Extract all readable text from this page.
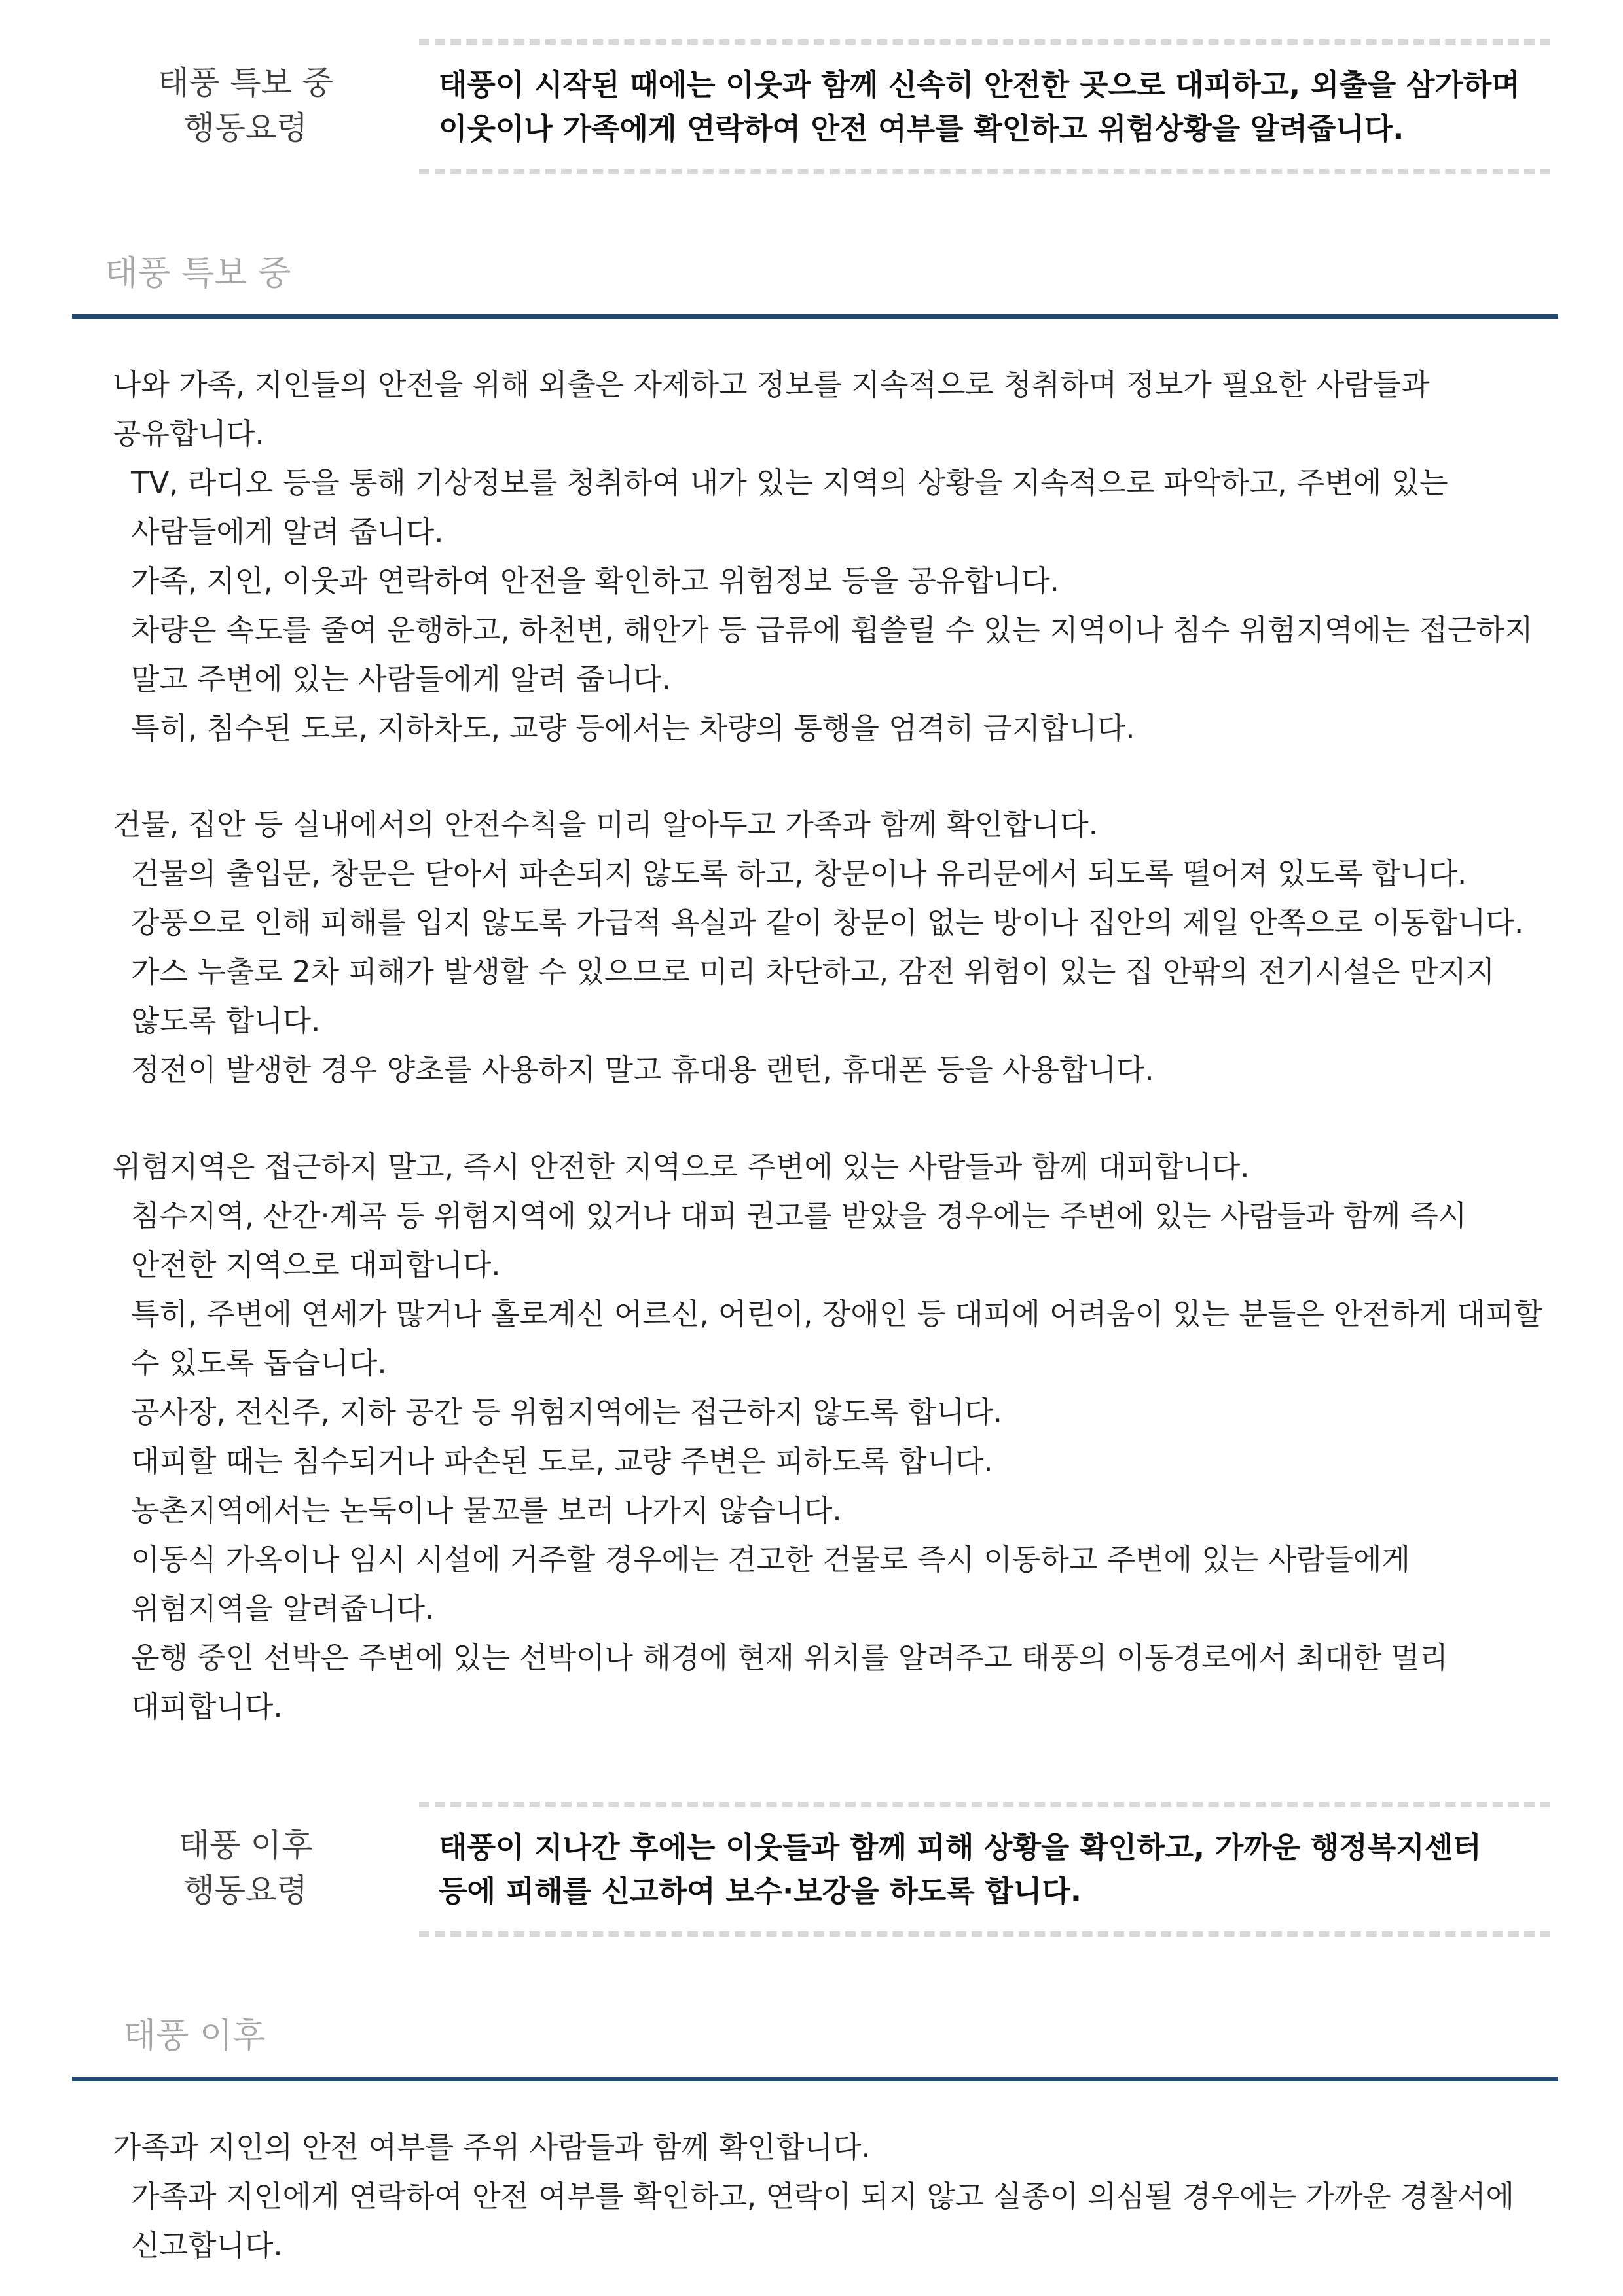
태풍 특보 중
행동요령
태풍이 시작된 때에는 이웃과 함께 신속히 안전한 곳으로 대피하고, 외출을 삼가하며
이웃이나 가족에게 연락하여 안전 여부를 확인하고 위험상황을 알려줍니다.
태풍 특보 중
나와 가족, 지인들의 안전을 위해 외출은 자제하고 정보를 지속적으로 청취하며 정보가 필요한 사람들과
공유합니다.
TV, 라디오 등을 통해 기상정보를 청취하여 내가 있는 지역의 상황을 지속적으로 파악하고, 주변에 있는
사람들에게 알려 줍니다.
가족, 지인, 이웃과 연락하여 안전을 확인하고 위험정보 등을 공유합니다.
차량은 속도를 줄여 운행하고, 하천변, 해안가 등 급류에 휩쓸릴 수 있는 지역이나 침수 위험지역에는 접근하지
말고 주변에 있는 사람들에게 알려 줍니다.
특히, 침수된 도로, 지하차도, 교량 등에서는 차량의 통행을 엄격히 금지합니다.
건물, 집안 등 실내에서의 안전수칙을 미리 알아두고 가족과 함께 확인합니다.
건물의 출입문, 창문은 닫아서 파손되지 않도록 하고, 창문이나 유리문에서 되도록 떨어져 있도록 합니다.
강풍으로 인해 피해를 입지 않도록 가급적 욕실과 같이 창문이 없는 방이나 집안의 제일 안쪽으로 이동합니다.
가스 누출로 2차 피해가 발생할 수 있으므로 미리 차단하고, 감전 위험이 있는 집 안팎의 전기시설은 만지지
않도록 합니다.
정전이 발생한 경우 양초를 사용하지 말고 휴대용 랜턴, 휴대폰 등을 사용합니다.
위험지역은 접근하지 말고, 즉시 안전한 지역으로 주변에 있는 사람들과 함께 대피합니다.
침수지역, 산간·계곡 등 위험지역에 있거나 대피 권고를 받았을 경우에는 주변에 있는 사람들과 함께 즉시
안전한 지역으로 대피합니다.
특히, 주변에 연세가 많거나 홀로계신 어르신, 어린이, 장애인 등 대피에 어려움이 있는 분들은 안전하게 대피할
수 있도록 돕습니다.
공사장, 전신주, 지하 공간 등 위험지역에는 접근하지 않도록 합니다.
대피할 때는 침수되거나 파손된 도로, 교량 주변은 피하도록 합니다.
농촌지역에서는 논둑이나 물꼬를 보러 나가지 않습니다.
이동식 가옥이나 임시 시설에 거주할 경우에는 견고한 건물로 즉시 이동하고 주변에 있는 사람들에게
위험지역을 알려줍니다.
운행 중인 선박은 주변에 있는 선박이나 해경에 현재 위치를 알려주고 태풍의 이동경로에서 최대한 멀리
대피합니다.
태풍 이후
행동요령
태풍이 지나간 후에는 이웃들과 함께 피해 상황을 확인하고, 가까운 행정복지센터
등에 피해를 신고하여 보수·보강을 하도록 합니다.
태풍 이후
가족과 지인의 안전 여부를 주위 사람들과 함께 확인합니다.
가족과 지인에게 연락하여 안전 여부를 확인하고, 연락이 되지 않고 실종이 의심될 경우에는 가까운 경찰서에
신고합니다.
